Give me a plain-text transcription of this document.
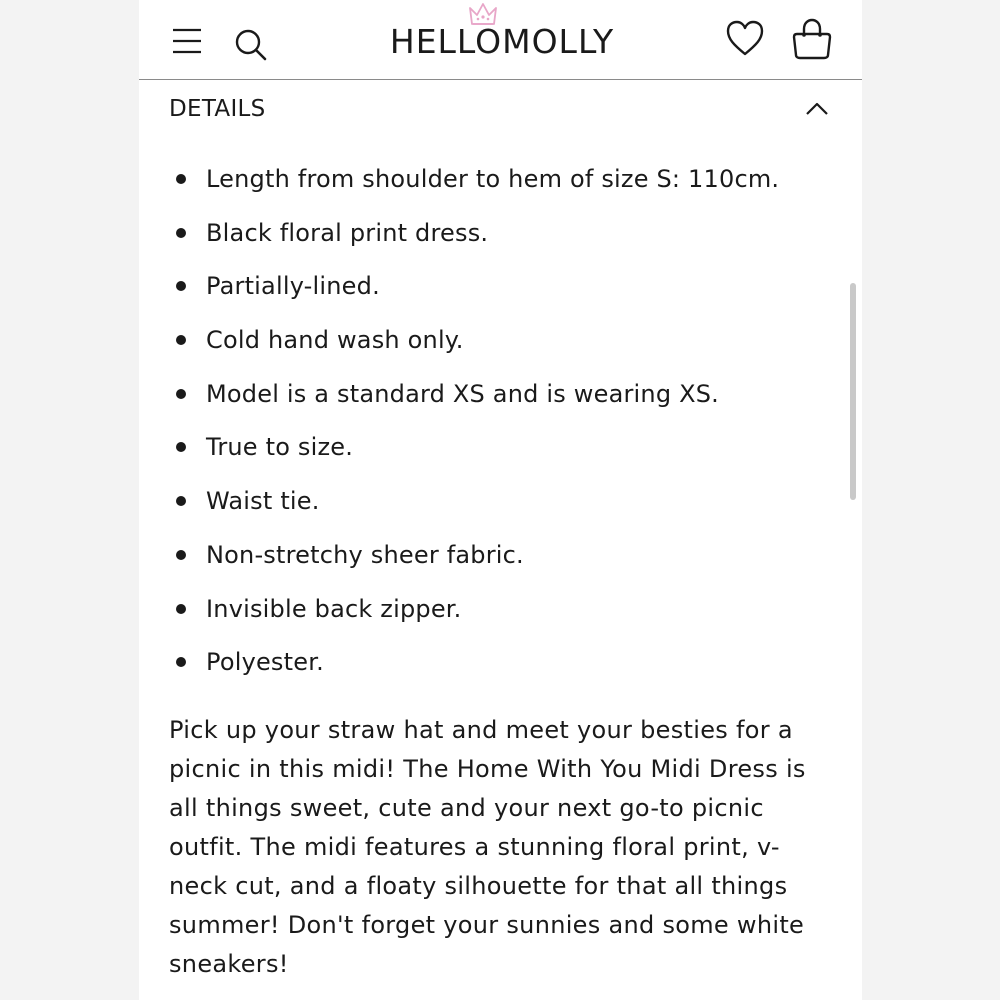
HELLOMOLLY
DETAILS
Length from shoulder to hem of size S: 110cm.
Black floral print dress.
Partially-lined.
Cold hand wash only.
Model is a standard XS and is wearing XS.
True to size.
Waist tie.
Non-stretchy sheer fabric.
Invisible back zipper.
Polyester.

Pick up your straw hat and meet your besties for a picnic in this midi! The Home With You Midi Dress is all things sweet, cute and your next go-to picnic outfit. The midi features a stunning floral print, v-neck cut, and a floaty silhouette for that all things summer! Don't forget your sunnies and some white sneakers!
